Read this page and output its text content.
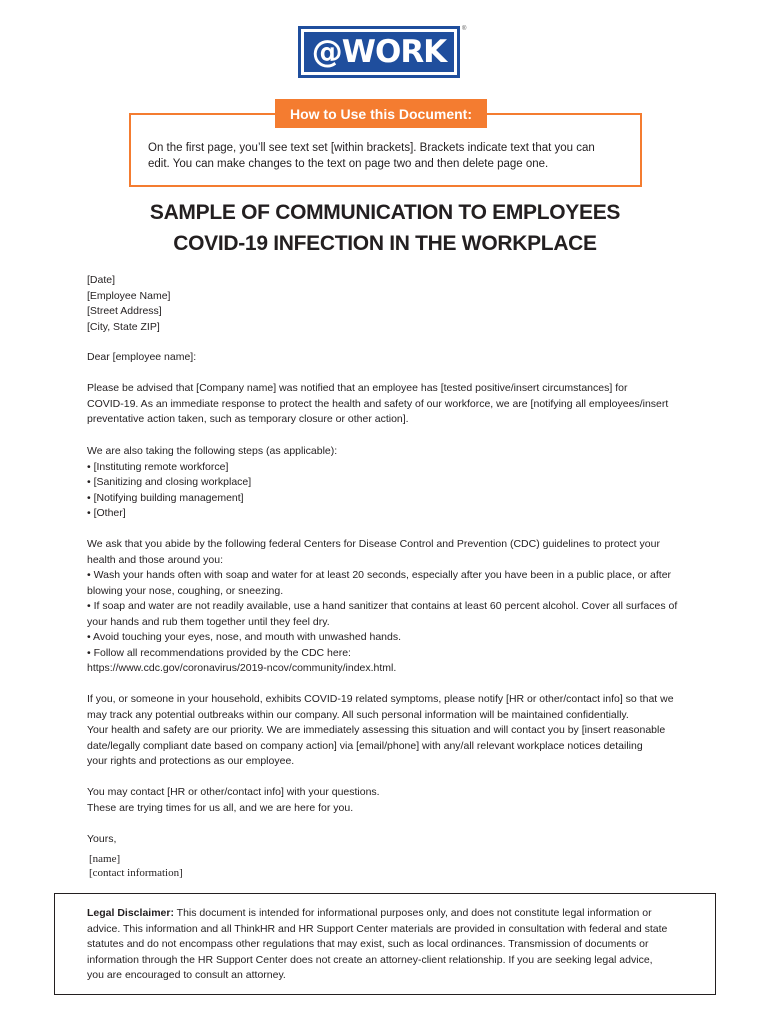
@WORK
®
How to Use this Document:
On the first page, you’ll see text set [within brackets]. Brackets indicate text that you can
edit. You can make changes to the text on page two and then delete page one.
SAMPLE OF COMMUNICATION TO EMPLOYEES
COVID-19 INFECTION IN THE WORKPLACE
[Date]
[Employee Name]
[Street Address]
[City, State ZIP]
Dear [employee name]:
Please be advised that [Company name] was notified that an employee has [tested positive/insert circumstances] for
COVID-19. As an immediate response to protect the health and safety of our workforce, we are [notifying all employees/insert
preventative action taken, such as temporary closure or other action].
We are also taking the following steps (as applicable):
• [Instituting remote workforce]
• [Sanitizing and closing workplace]
• [Notifying building management]
• [Other]
We ask that you abide by the following federal Centers for Disease Control and Prevention (CDC) guidelines to protect your
health and those around you:
• Wash your hands often with soap and water for at least 20 seconds, especially after you have been in a public place, or after
blowing your nose, coughing, or sneezing.
• If soap and water are not readily available, use a hand sanitizer that contains at least 60 percent alcohol. Cover all surfaces of
your hands and rub them together until they feel dry.
• Avoid touching your eyes, nose, and mouth with unwashed hands.
• Follow all recommendations provided by the CDC here:
https://www.cdc.gov/coronavirus/2019-ncov/community/index.html.
If you, or someone in your household, exhibits COVID-19 related symptoms, please notify [HR or other/contact info] so that we
may track any potential outbreaks within our company. All such personal information will be maintained confidentially.
Your health and safety are our priority. We are immediately assessing this situation and will contact you by [insert reasonable
date/legally compliant date based on company action] via [email/phone] with any/all relevant workplace notices detailing
your rights and protections as our employee.
You may contact [HR or other/contact info] with your questions.
These are trying times for us all, and we are here for you.
Yours,
[name]
[contact information]
Legal Disclaimer: This document is intended for informational purposes only, and does not constitute legal information or
advice. This information and all ThinkHR and HR Support Center materials are provided in consultation with federal and state
statutes and do not encompass other regulations that may exist, such as local ordinances. Transmission of documents or
information through the HR Support Center does not create an attorney-client relationship. If you are seeking legal advice,
you are encouraged to consult an attorney.
